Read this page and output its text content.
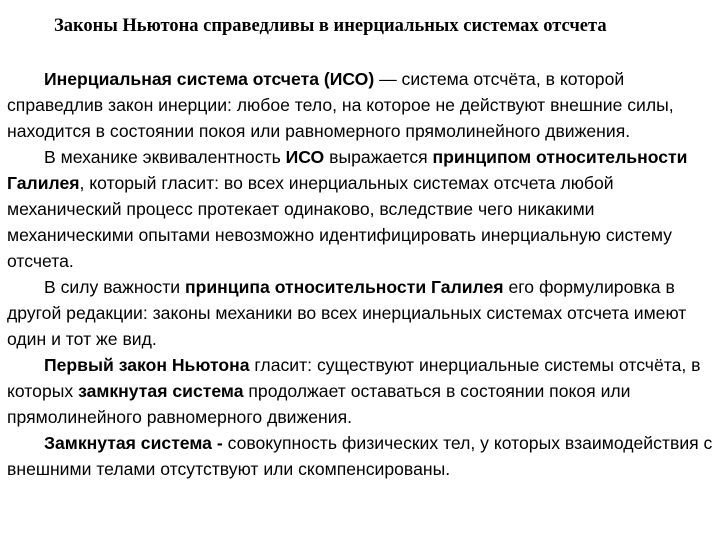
Законы Ньютона справедливы в инерциальных системах отсчета

Инерциальная система отсчета (ИСО) — система отсчёта, в которой справедлив закон инерции: любое тело, на которое не действуют внешние силы, находится в состоянии покоя или равномерного прямолинейного движения.

В механике эквивалентность ИСО выражается принципом относительности Галилея, который гласит: во всех инерциальных системах отсчета любой механический процесс протекает одинаково, вследствие чего никакими механическими опытами невозможно идентифицировать инерциальную систему отсчета.

В силу важности принципа относительности Галилея его формулировка в другой редакции: законы механики во всех инерциальных системах отсчета имеют один и тот же вид.

Первый закон Ньютона гласит: существуют инерциальные системы отсчёта, в которых замкнутая система продолжает оставаться в состоянии покоя или прямолинейного равномерного движения.

Замкнутая система - совокупность физических тел, у которых взаимодействия с внешними телами отсутствуют или скомпенсированы.
